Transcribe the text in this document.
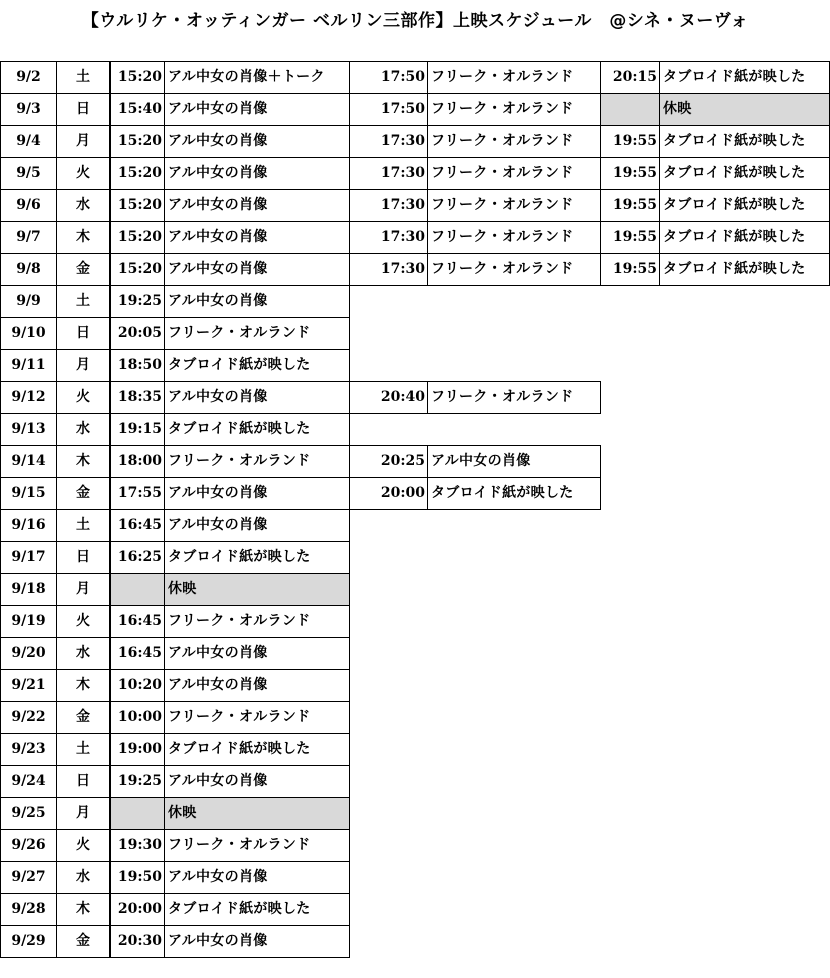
【ウルリケ・オッティンガー ベルリン三部作】上映スケジュール　@シネ・ヌーヴォ
9/2	土	15:20 アル中女の肖像＋トーク	17:50 フリーク・オルランド	20:15 タブロイド紙が映した
9/3	日	15:40 アル中女の肖像	17:50 フリーク・オルランド	休映
9/4	月	15:20 アル中女の肖像	17:30 フリーク・オルランド	19:55 タブロイド紙が映した
9/5	火	15:20 アル中女の肖像	17:30 フリーク・オルランド	19:55 タブロイド紙が映した
9/6	水	15:20 アル中女の肖像	17:30 フリーク・オルランド	19:55 タブロイド紙が映した
9/7	木	15:20 アル中女の肖像	17:30 フリーク・オルランド	19:55 タブロイド紙が映した
9/8	金	15:20 アル中女の肖像	17:30 フリーク・オルランド	19:55 タブロイド紙が映した
9/9	土	19:25 アル中女の肖像
9/10	日	20:05 フリーク・オルランド
9/11	月	18:50 タブロイド紙が映した
9/12	火	18:35 アル中女の肖像	20:40 フリーク・オルランド
9/13	水	19:15 タブロイド紙が映した
9/14	木	18:00 フリーク・オルランド	20:25 アル中女の肖像
9/15	金	17:55 アル中女の肖像	20:00 タブロイド紙が映した
9/16	土	16:45 アル中女の肖像
9/17	日	16:25 タブロイド紙が映した
9/18	月	休映
9/19	火	16:45 フリーク・オルランド
9/20	水	16:45 アル中女の肖像
9/21	木	10:20 アル中女の肖像
9/22	金	10:00 フリーク・オルランド
9/23	土	19:00 タブロイド紙が映した
9/24	日	19:25 アル中女の肖像
9/25	月	休映
9/26	火	19:30 フリーク・オルランド
9/27	水	19:50 アル中女の肖像
9/28	木	20:00 タブロイド紙が映した
9/29	金	20:30 アル中女の肖像
